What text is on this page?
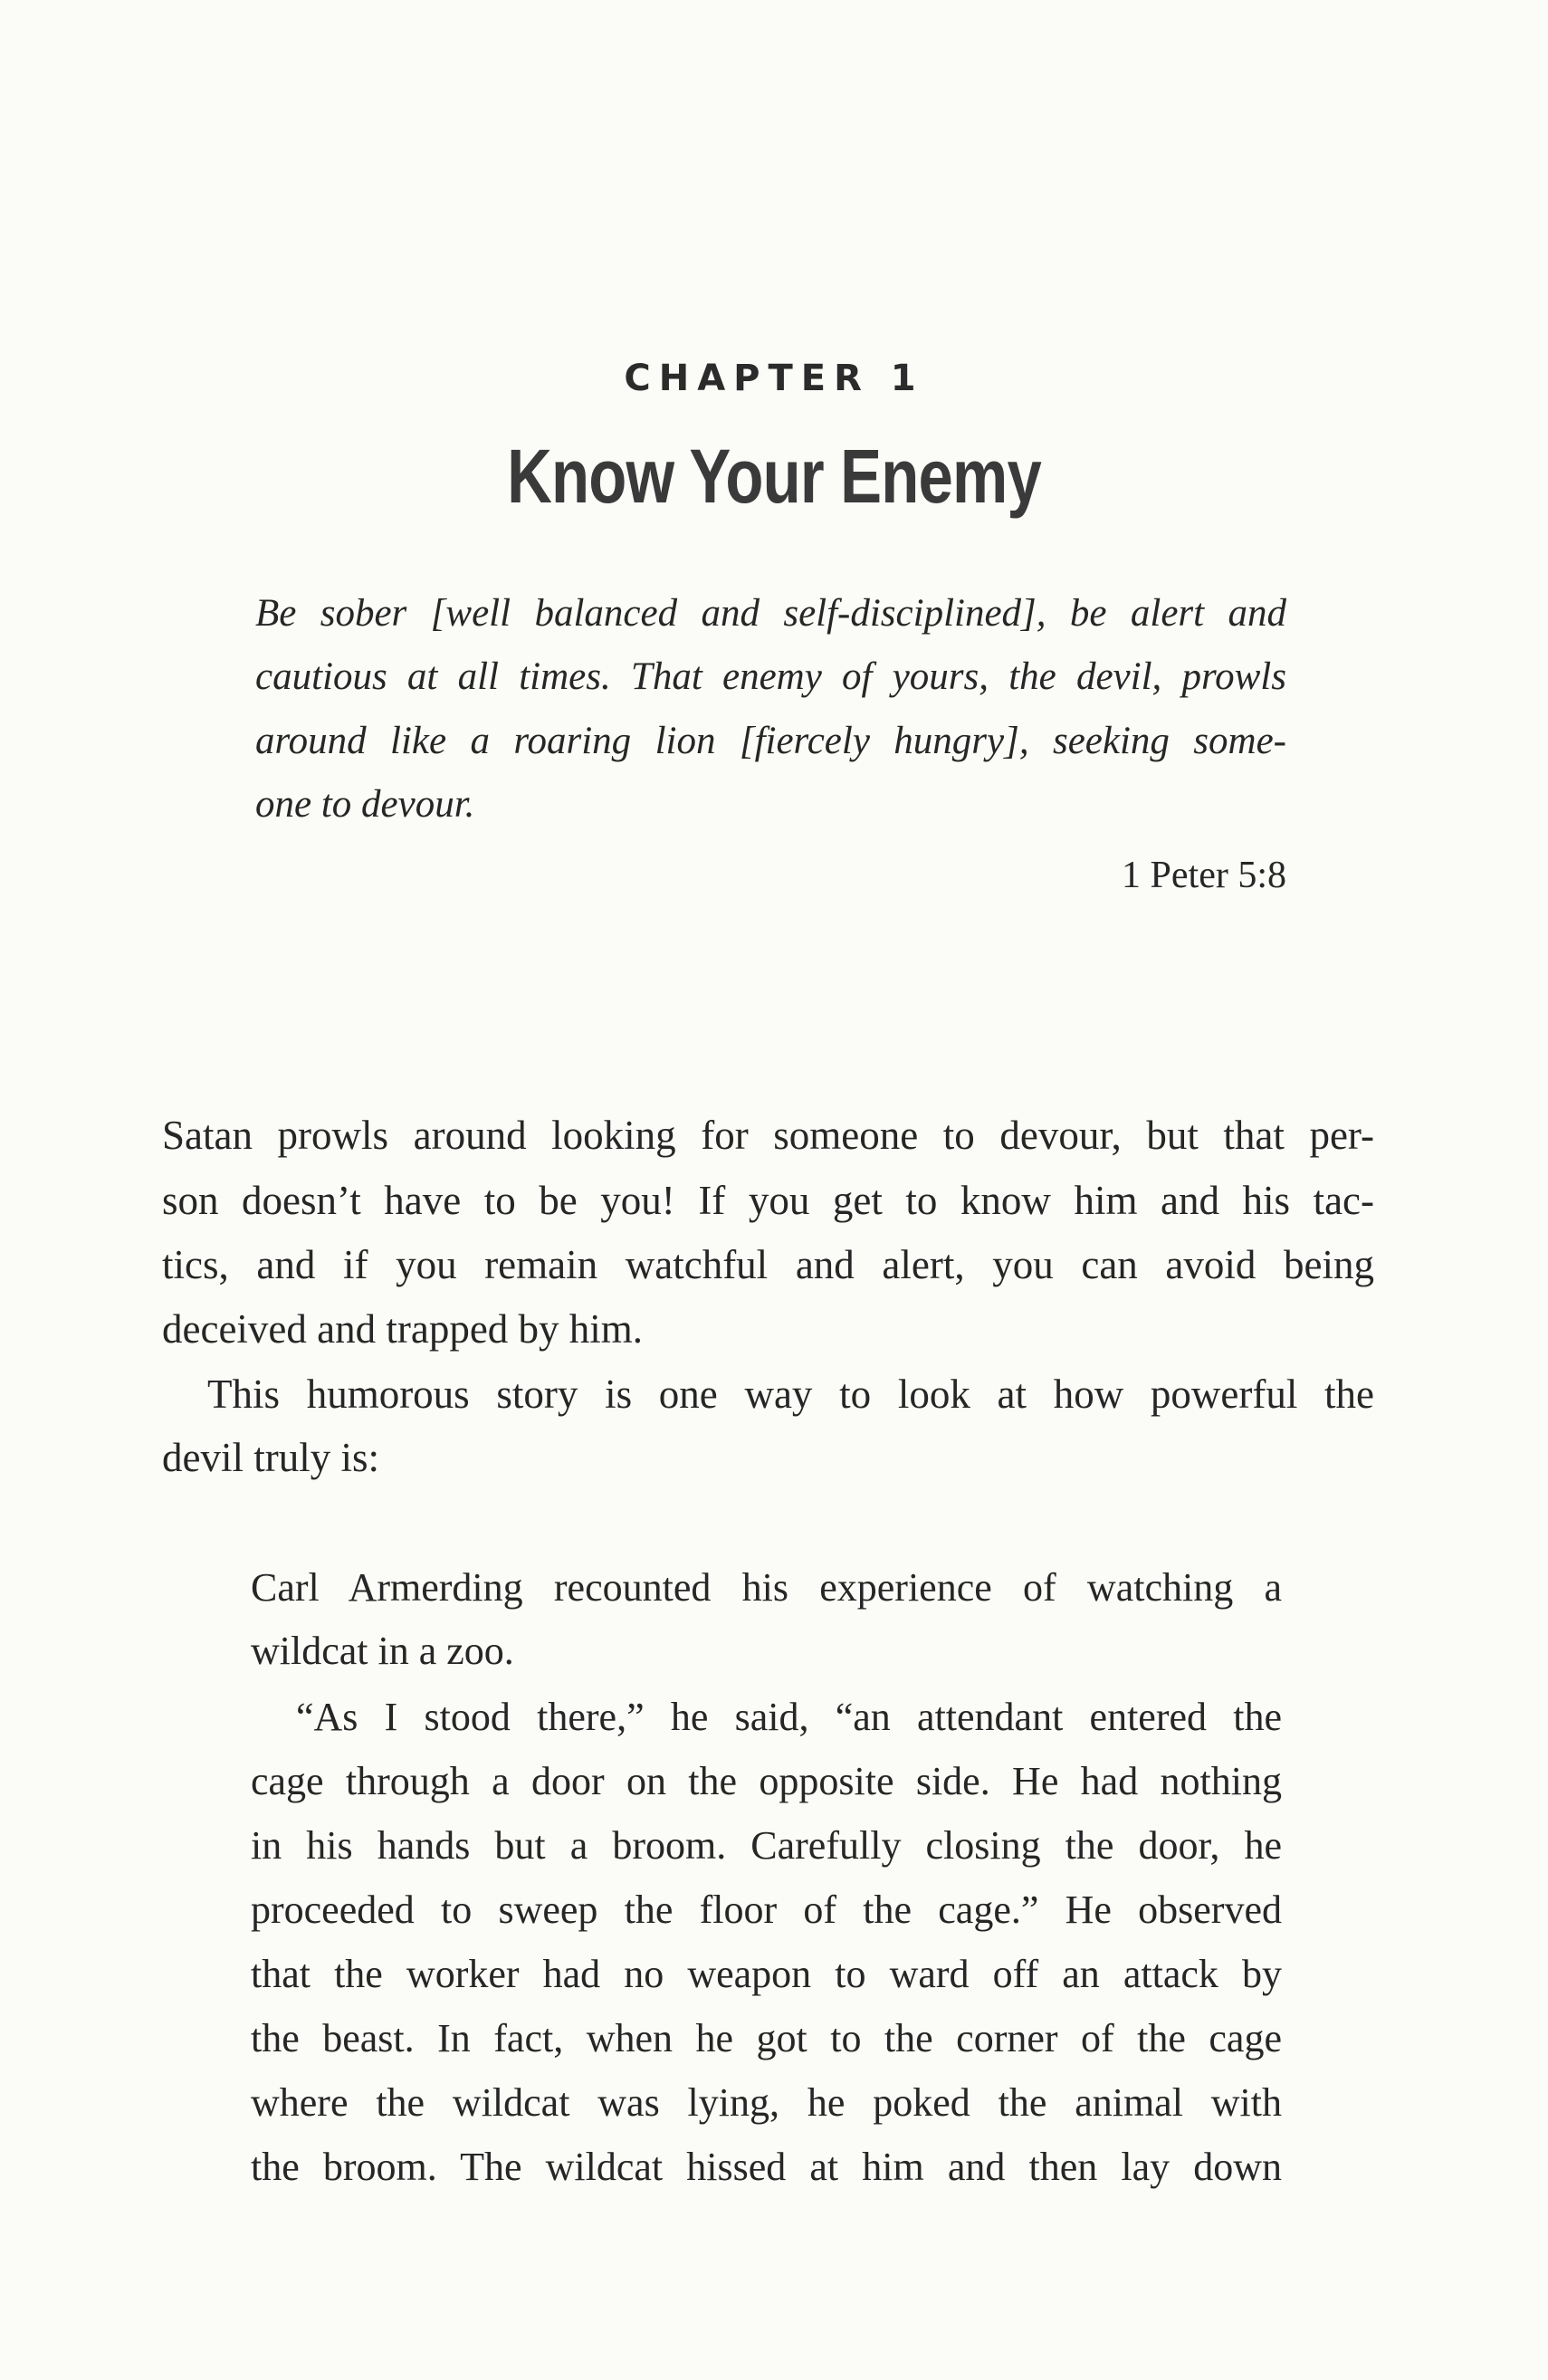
CHAPTER 1
Know Your Enemy
Be sober [well balanced and self-disciplined], be alert and
cautious at all times. That enemy of yours, the devil, prowls
around like a roaring lion [fiercely hungry], seeking some-
one to devour.
1 Peter 5:8
Satan prowls around looking for someone to devour, but that per-
son doesn’t have to be you! If you get to know him and his tac-
tics, and if you remain watchful and alert, you can avoid being
deceived and trapped by him.
This humorous story is one way to look at how powerful the
devil truly is:
Carl Armerding recounted his experience of watching a
wildcat in a zoo.
“As I stood there,” he said, “an attendant entered the
cage through a door on the opposite side. He had nothing
in his hands but a broom. Carefully closing the door, he
proceeded to sweep the floor of the cage.” He observed
that the worker had no weapon to ward off an attack by
the beast. In fact, when he got to the corner of the cage
where the wildcat was lying, he poked the animal with
the broom. The wildcat hissed at him and then lay down
